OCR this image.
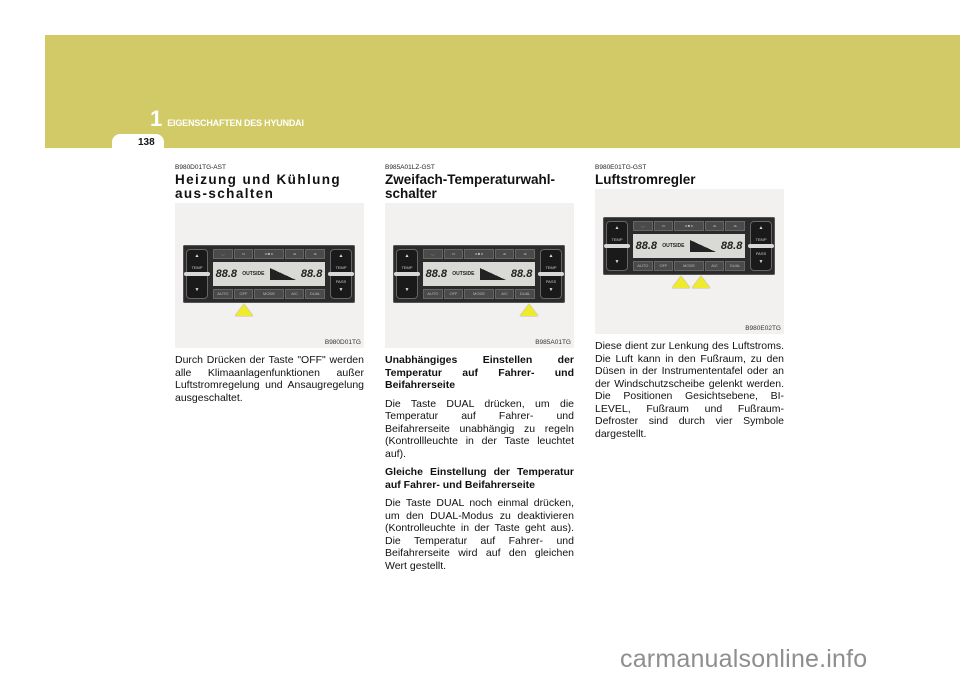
1 EIGENSCHAFTEN DES HYUNDAI
138
B980D01TG-AST
Heizung und Kühlung aus-schalten
▲
TEMP
▼
◡	▭	◂ ■ ▸	⌓	⌓
88.8 OUTSIDE	88.8
AUTO	OFF	MODE	A/C	DUAL
▲
TEMP
PASS
▼
B980D01TG

Durch Drücken der Taste "OFF" werden alle Klimaanlagenfunktionen außer Luftstromregelung und Ansaugregelung ausgeschaltet.

B985A01LZ-GST
Zweifach-Temperaturwahl-schalter
▲
TEMP
▼
◡	▭	◂ ■ ▸	⌓	⌓
88.8 OUTSIDE	88.8
AUTO	OFF	MODE	A/C	DUAL
▲
TEMP
PASS
▼
B985A01TG

Unabhängiges Einstellen der Temperatur auf Fahrer- und Beifahrerseite

Die Taste DUAL drücken, um die Temperatur auf Fahrer- und Beifahrerseite unabhängig zu regeln (Kontrollleuchte in der Taste leuchtet auf).

Gleiche Einstellung der Temperatur auf Fahrer- und Beifahrerseite

Die Taste DUAL noch einmal drücken, um den DUAL-Modus zu deaktivieren (Kontrolleuchte in der Taste geht aus). Die Temperatur auf Fahrer- und Beifahrerseite wird auf den gleichen Wert gestellt.

B980E01TG-GST
Luftstromregler
▲
TEMP
▼
◡	▭	◂ ■ ▸	⌓	⌓
88.8 OUTSIDE	88.8
AUTO	OFF	MODE	A/C	DUAL
▲
TEMP
PASS
▼
B980E02TG

Diese dient zur Lenkung des Luftstroms. Die Luft kann in den Fußraum, zu den Düsen in der Instrumententafel oder an der Windschutzscheibe gelenkt werden. Die Positionen Gesichtsebene, BI-LEVEL, Fußraum und Fußraum-Defroster sind durch vier Symbole dargestellt.

carmanualsonline.info
